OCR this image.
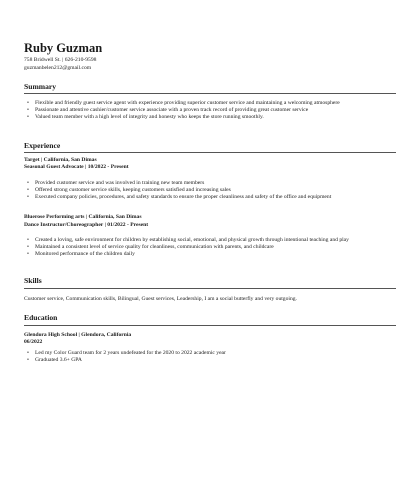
Ruby Guzman
758 Bridwell St. | 626-210-9598
guzmanbelen212@gmail.com
Summary
• Flexible and friendly guest service agent with experience providing superior customer service and maintaining a welcoming atmosphere
• Passionate and attentive cashier/customer service associate with a proven track record of providing great customer service
• Valued team member with a high level of integrity and honesty who keeps the store running smoothly.
Experience
Target | California, San Dimas
Seasonal Guest Advocate | 10/2022 - Present
• Provided customer service and was involved in training new team members
• Offered strong customer service skills, keeping customers satisfied and increasing sales
• Executed company policies, procedures, and safety standards to ensure the proper cleanliness and safety of the office and equipment
Bluerose Performing arts | California, San Dimas
Dance Instructor/Choreographer | 01/2022 - Present
• Created a loving, safe environment for children by establishing social, emotional, and physical growth through intentional teaching and play
• Maintained a consistent level of service quality for cleanliness, communication with parents, and childcare
• Monitored performance of the children daily
Skills
Customer service, Communication skills, Bilingual, Guest services, Leadership, I am a social butterfly and very outgoing.
Education
Glendora High School | Glendora, California
06/2022
• Led my Color Guard team for 2 years undefeated for the 2020 to 2022 academic year
• Graduated 3.6+ GPA
